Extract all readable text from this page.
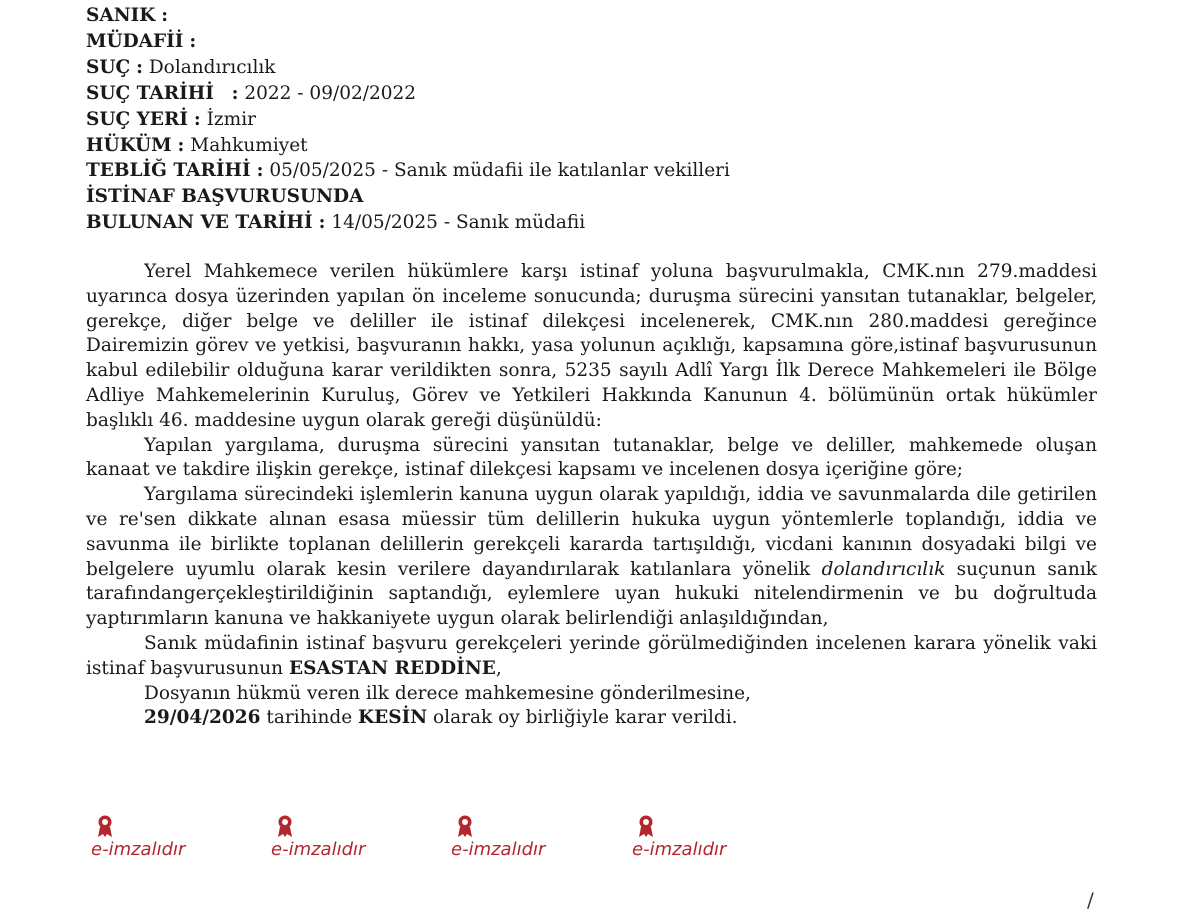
SANIK :
MÜDAFİİ :
SUÇ : Dolandırıcılık
SUÇ TARİHİ : 2022 - 09/02/2022
SUÇ YERİ : İzmir
HÜKÜM : Mahkumiyet
TEBLİĞ TARİHİ : 05/05/2025 - Sanık müdafii ile katılanlar vekilleri
İSTİNAF BAŞVURUSUNDA
BULUNAN VE TARİHİ : 14/05/2025 - Sanık müdafii

Yerel Mahkemece verilen hükümlere karşı istinaf yoluna başvurulmakla, CMK.nın 279.maddesi uyarınca dosya üzerinden yapılan ön inceleme sonucunda; duruşma sürecini yansıtan tutanaklar, belgeler, gerekçe, diğer belge ve deliller ile istinaf dilekçesi incelenerek, CMK.nın 280.maddesi gereğince Dairemizin görev ve yetkisi, başvuranın hakkı, yasa yolunun açıklığı, kapsamına göre,istinaf başvurusunun kabul edilebilir olduğuna karar verildikten sonra, 5235 sayılı Adlî Yargı İlk Derece Mahkemeleri ile Bölge Adliye Mahkemelerinin Kuruluş, Görev ve Yetkileri Hakkında Kanunun 4. bölümünün ortak hükümler başlıklı 46. maddesine uygun olarak gereği düşünüldü:

Yapılan yargılama, duruşma sürecini yansıtan tutanaklar, belge ve deliller, mahkemede oluşan kanaat ve takdire ilişkin gerekçe, istinaf dilekçesi kapsamı ve incelenen dosya içeriğine göre;

Yargılama sürecindeki işlemlerin kanuna uygun olarak yapıldığı, iddia ve savunmalarda dile getirilen ve re'sen dikkate alınan esasa müessir tüm delillerin hukuka uygun yöntemlerle toplandığı, iddia ve savunma ile birlikte toplanan delillerin gerekçeli kararda tartışıldığı, vicdani kanının dosyadaki bilgi ve belgelere uyumlu olarak kesin verilere dayandırılarak katılanlara yönelik dolandırıcılık suçunun sanık tarafındangerçekleştirildiğinin saptandığı, eylemlere uyan hukuki nitelendirmenin ve bu doğrultuda yaptırımların kanuna ve hakkaniyete uygun olarak belirlendiği anlaşıldığından,

Sanık müdafinin istinaf başvuru gerekçeleri yerinde görülmediğinden incelenen karara yönelik vaki istinaf başvurusunun ESASTAN REDDİNE,

Dosyanın hükmü veren ilk derece mahkemesine gönderilmesine,

29/04/2026 tarihinde KESİN olarak oy birliğiyle karar verildi.

e-imzalıdır	e-imzalıdır	e-imzalıdır	e-imzalıdır
/
